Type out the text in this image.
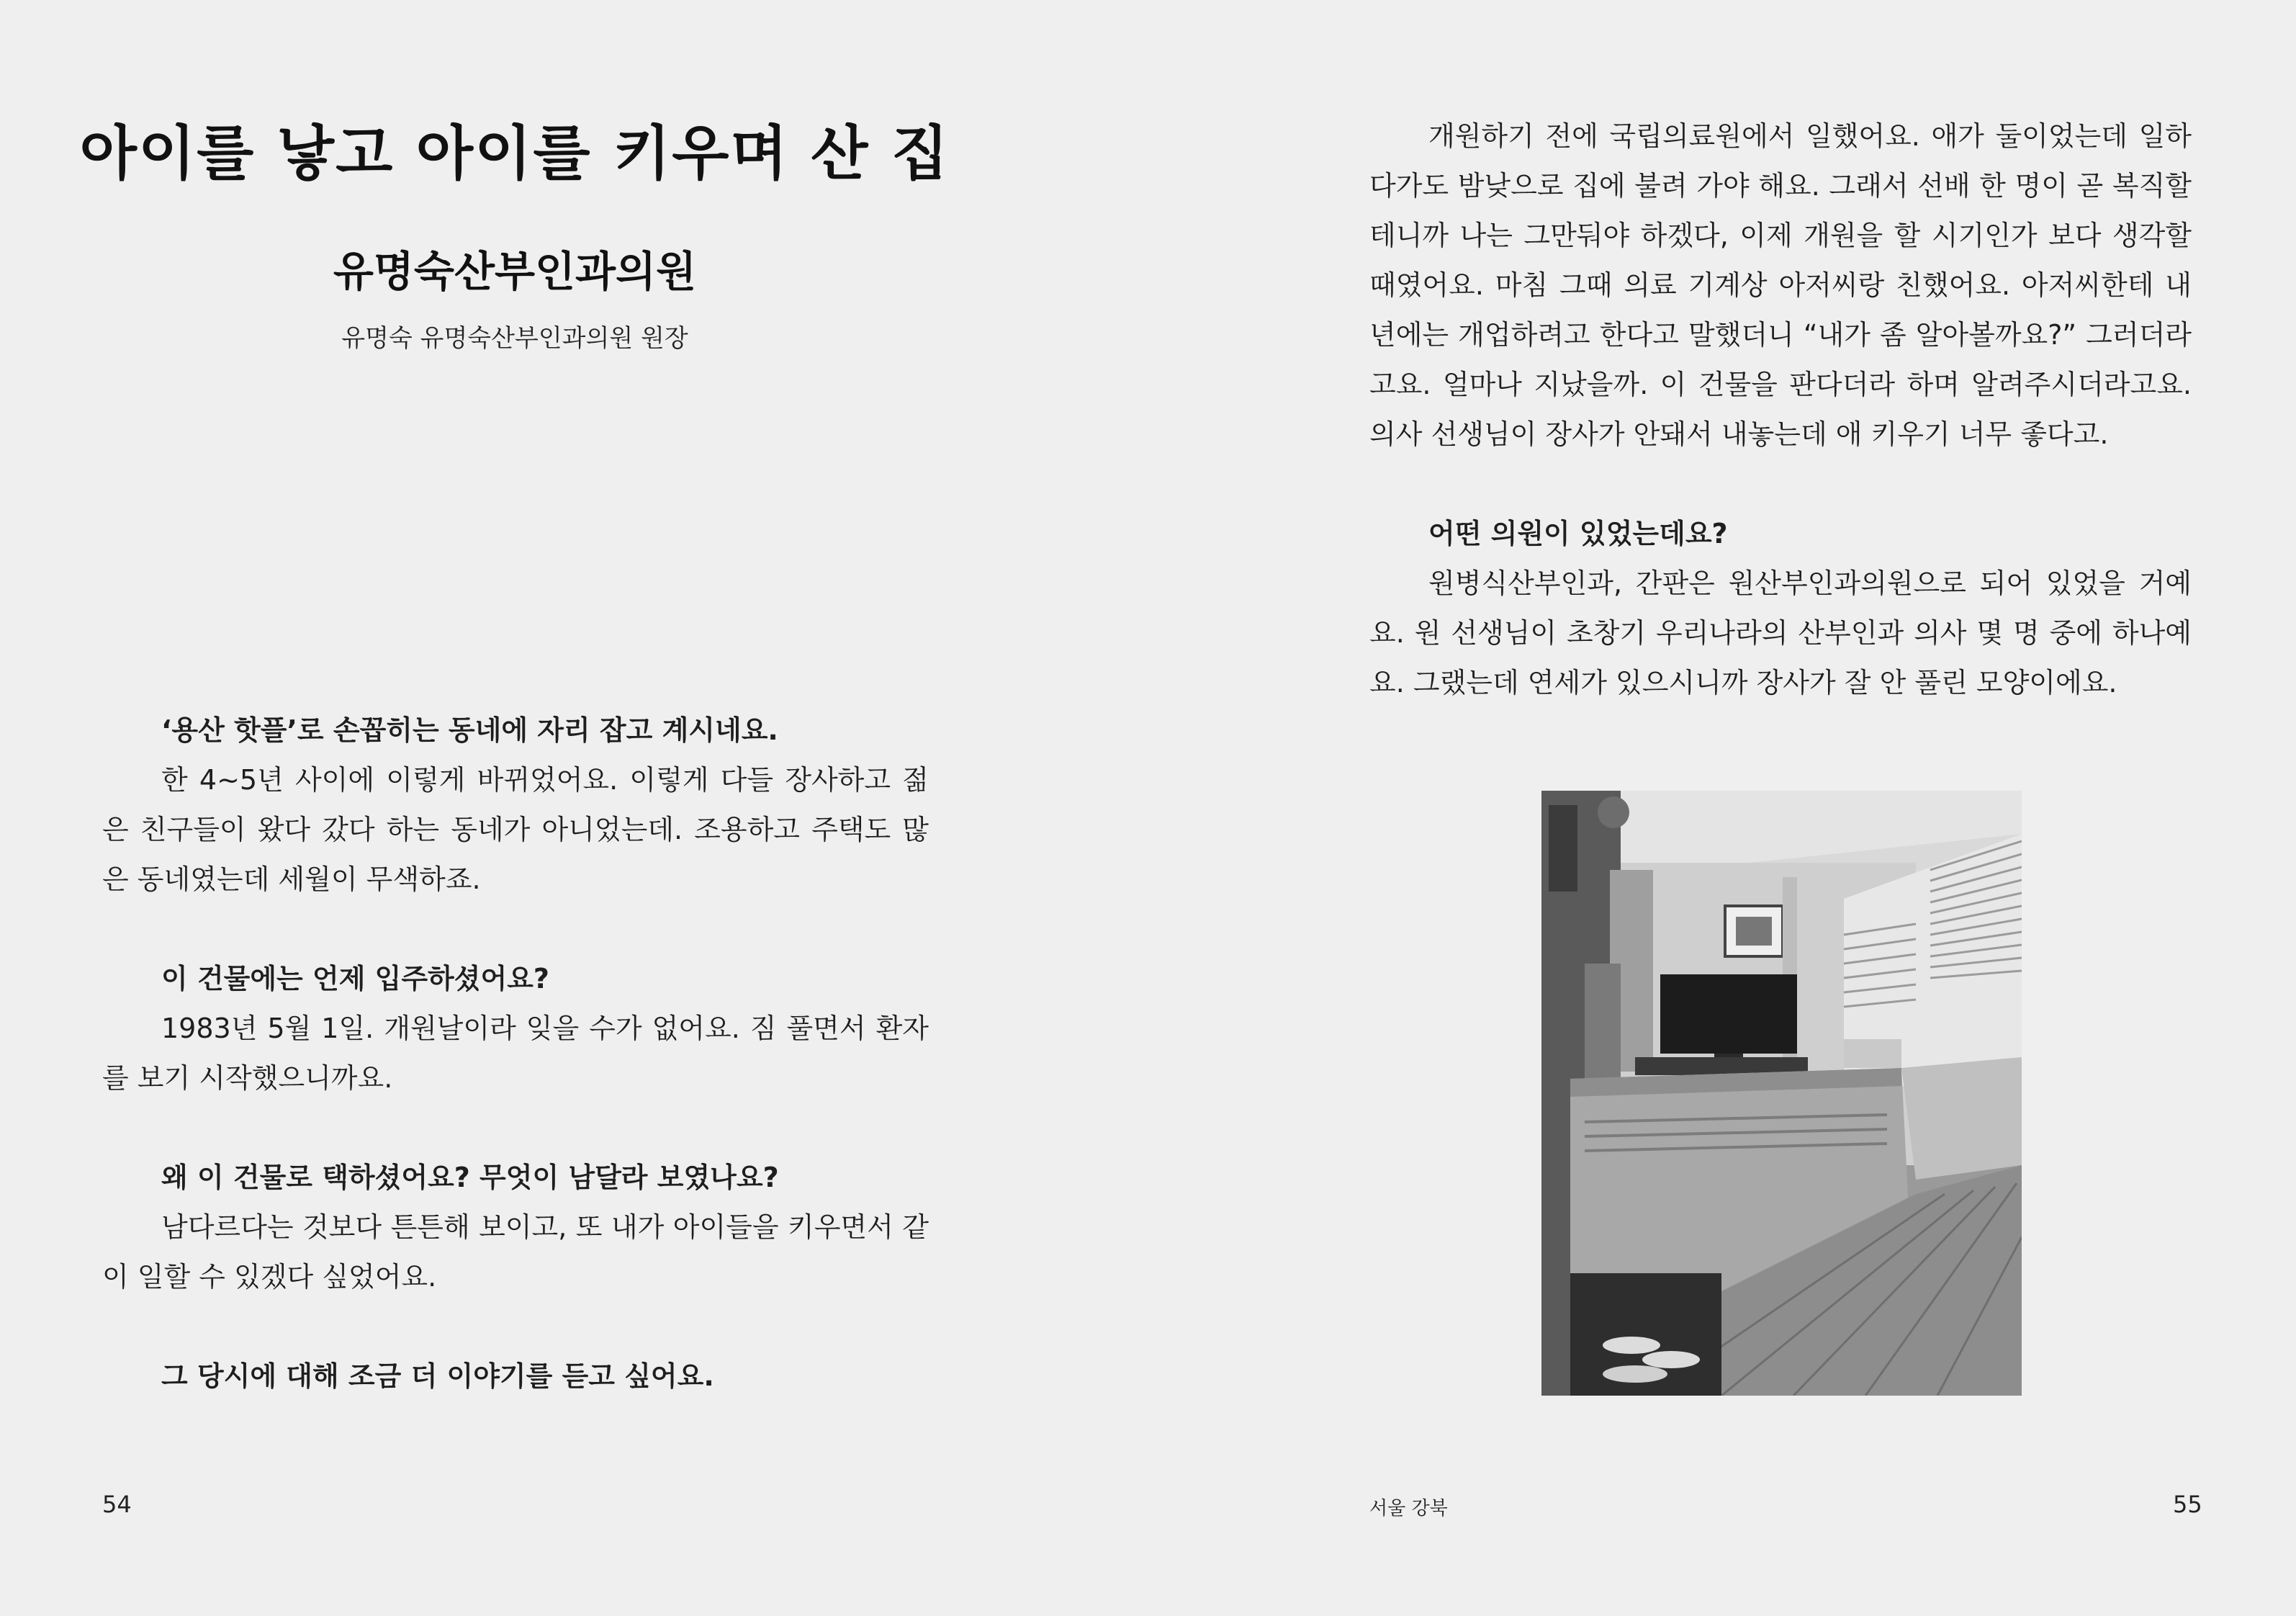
아이를 낳고 아이를 키우며 산 집
유명숙산부인과의원
유명숙 유명숙산부인과의원 원장
‘용산 핫플’로 손꼽히는 동네에 자리 잡고 계시네요.
한 4~5년 사이에 이렇게 바뀌었어요. 이렇게 다들 장사하고 젊은 친구들이 왔다 갔다 하는 동네가 아니었는데. 조용하고 주택도 많은 동네였는데 세월이 무색하죠.
이 건물에는 언제 입주하셨어요?
1983년 5월 1일. 개원날이라 잊을 수가 없어요. 짐 풀면서 환자를 보기 시작했으니까요.
왜 이 건물로 택하셨어요? 무엇이 남달라 보였나요?
남다르다는 것보다 튼튼해 보이고, 또 내가 아이들을 키우면서 같이 일할 수 있겠다 싶었어요.
그 당시에 대해 조금 더 이야기를 듣고 싶어요.
54
개원하기 전에 국립의료원에서 일했어요. 애가 둘이었는데 일하다가도 밤낮으로 집에 불려 가야 해요. 그래서 선배 한 명이 곧 복직할 테니까 나는 그만둬야 하겠다, 이제 개원을 할 시기인가 보다 생각할 때였어요. 마침 그때 의료 기계상 아저씨랑 친했어요. 아저씨한테 내년에는 개업하려고 한다고 말했더니 “내가 좀 알아볼까요?” 그러더라고요. 얼마나 지났을까. 이 건물을 판다더라 하며 알려주시더라고요. 의사 선생님이 장사가 안돼서 내놓는데 애 키우기 너무 좋다고.
어떤 의원이 있었는데요?
원병식산부인과, 간판은 원산부인과의원으로 되어 있었을 거예요. 원 선생님이 초창기 우리나라의 산부인과 의사 몇 명 중에 하나예요. 그랬는데 연세가 있으시니까 장사가 잘 안 풀린 모양이에요.
서울 강북	55
